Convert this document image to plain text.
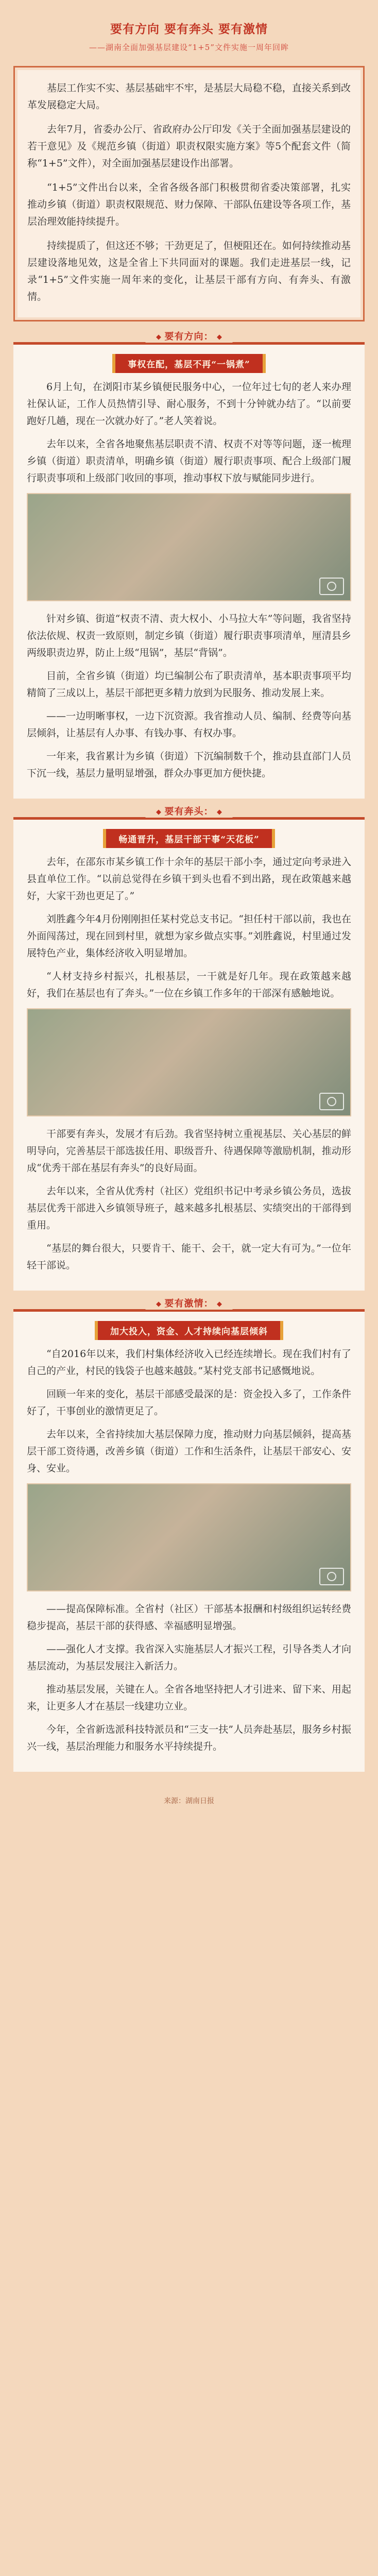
要有方向 要有奔头 要有激情

——湖南全面加强基层建设“1+5”文件实施一周年回眸

基层工作实不实、基层基础牢不牢，是基层大局稳不稳，直接关系到改革发展稳定大局。

去年7月，省委办公厅、省政府办公厅印发《关于全面加强基层建设的若干意见》及《规范乡镇（街道）职责权限实施方案》等5个配套文件（简称“1+5”文件），对全面加强基层建设作出部署。

“1+5”文件出台以来，全省各级各部门积极贯彻省委决策部署，扎实推动乡镇（街道）职责权限规范、财力保障、干部队伍建设等各项工作，基层治理效能持续提升。

持续提质了，但这还不够；干劲更足了，但梗阻还在。如何持续推动基层建设落地见效，这是全省上下共同面对的课题。我们走进基层一线，记录“1+5”文件实施一周年来的变化，让基层干部有方向、有奔头、有激情。

要有方向：
事权在配，基层不再“一锅煮”

6月上旬，在浏阳市某乡镇便民服务中心，一位年过七旬的老人来办理社保认证，工作人员热情引导、耐心服务，不到十分钟就办结了。“以前要跑好几趟，现在一次就办好了。”老人笑着说。

去年以来，全省各地聚焦基层职责不清、权责不对等等问题，逐一梳理乡镇（街道）职责清单，明确乡镇（街道）履行职责事项、配合上级部门履行职责事项和上级部门收回的事项，推动事权下放与赋能同步进行。

针对乡镇、街道“权责不清、责大权小、小马拉大车”等问题，我省坚持依法依规、权责一致原则，制定乡镇（街道）履行职责事项清单，厘清县乡两级职责边界，防止上级“甩锅”，基层“背锅”。

目前，全省乡镇（街道）均已编制公布了职责清单，基本职责事项平均精简了三成以上，基层干部把更多精力放到为民服务、推动发展上来。

——一边明晰事权，一边下沉资源。我省推动人员、编制、经费等向基层倾斜，让基层有人办事、有钱办事、有权办事。

一年来，我省累计为乡镇（街道）下沉编制数千个，推动县直部门人员下沉一线，基层力量明显增强，群众办事更加方便快捷。

要有奔头：
畅通晋升，基层干部干事“天花板”

去年，在邵东市某乡镇工作十余年的基层干部小李，通过定向考录进入县直单位工作。“以前总觉得在乡镇干到头也看不到出路，现在政策越来越好，大家干劲也更足了。”

刘胜鑫今年4月份刚刚担任某村党总支书记。“担任村干部以前，我也在外面闯荡过，现在回到村里，就想为家乡做点实事。”刘胜鑫说，村里通过发展特色产业，集体经济收入明显增加。

“人材支持乡村振兴，扎根基层，一干就是好几年。现在政策越来越好，我们在基层也有了奔头。”一位在乡镇工作多年的干部深有感触地说。

干部要有奔头，发展才有后劲。我省坚持树立重视基层、关心基层的鲜明导向，完善基层干部选拔任用、职级晋升、待遇保障等激励机制，推动形成“优秀干部在基层有奔头”的良好局面。

去年以来，全省从优秀村（社区）党组织书记中考录乡镇公务员，选拔基层优秀干部进入乡镇领导班子，越来越多扎根基层、实绩突出的干部得到重用。

“基层的舞台很大，只要肯干、能干、会干，就一定大有可为。”一位年轻干部说。

要有激情：
加大投入，资金、人才持续向基层倾斜

“自2016年以来，我们村集体经济收入已经连续增长。现在我们村有了自己的产业，村民的钱袋子也越来越鼓。”某村党支部书记感慨地说。

回顾一年来的变化，基层干部感受最深的是：资金投入多了，工作条件好了，干事创业的激情更足了。

去年以来，全省持续加大基层保障力度，推动财力向基层倾斜，提高基层干部工资待遇，改善乡镇（街道）工作和生活条件，让基层干部安心、安身、安业。

——提高保障标准。全省村（社区）干部基本报酬和村级组织运转经费稳步提高，基层干部的获得感、幸福感明显增强。

——强化人才支撑。我省深入实施基层人才振兴工程，引导各类人才向基层流动，为基层发展注入新活力。

推动基层发展，关键在人。全省各地坚持把人才引进来、留下来、用起来，让更多人才在基层一线建功立业。

今年，全省新选派科技特派员和“三支一扶”人员奔赴基层，服务乡村振兴一线，基层治理能力和服务水平持续提升。

来源：湖南日报
